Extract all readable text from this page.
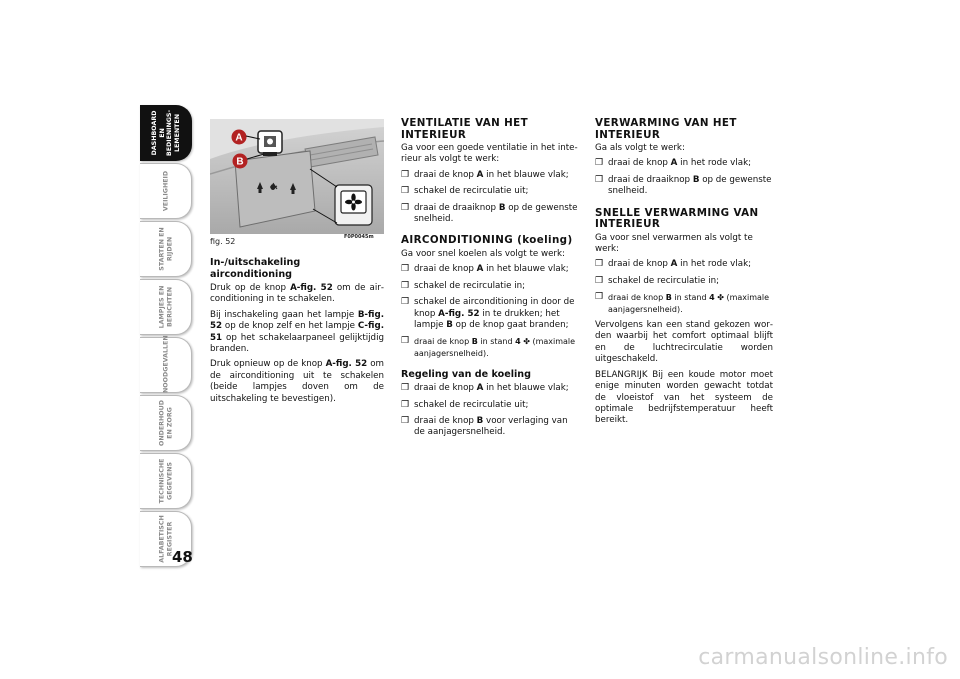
DASHBOARD EN
BEDIENINGS-
LEMENTEN
VEILIGHEID
STARTEN EN
RIJDEN
LAMPJES EN
BERICHTEN
NOODGEVALLEN
ONDERHOUD
EN ZORG
TECHNISCHE
GEGEVENS
ALFABETISCH
REGISTER
48
A
B
fig. 52	F0P0045m
In-/uitschakeling airconditioning

Druk op de knop A-fig. 52 om de airconditioning in te schakelen.

Bij inschakeling gaan het lampje B-fig. 52 op de knop zelf en het lampje C-fig. 51 op het schakelaarpaneel gelijktijdig branden.

Druk opnieuw op de knop A-fig. 52 om de airconditioning uit te schakelen (beide lampjes doven om de uitschakeling te bevestigen).

VENTILATIE VAN HET INTERIEUR

Ga voor een goede ventilatie in het interieur als volgt te werk:

❒ draai de knop A in het blauwe vlak;
❒ schakel de recirculatie uit;
❒ draai de draaiknop B op de gewenste snelheid.
AIRCONDITIONING (koeling)

Ga voor snel koelen als volgt te werk:

❒ draai de knop A in het blauwe vlak;
❒ schakel de recirculatie in;
❒ schakel de airconditioning in door de knop A-fig. 52 in te drukken; het lampje B op de knop gaat branden;
❒ draai de knop B in stand 4 ✤ (maximale aanjagersnelheid).
Regeling van de koeling
❒ draai de knop A in het blauwe vlak;
❒ schakel de recirculatie uit;
❒ draai de knop B voor verlaging van de aanjagersnelheid.
VERWARMING VAN HET INTERIEUR

Ga als volgt te werk:

❒ draai de knop A in het rode vlak;
❒ draai de draaiknop B op de gewenste snelheid.
SNELLE VERWARMING VAN INTERIEUR

Ga voor snel verwarmen als volgt te werk:

❒ draai de knop A in het rode vlak;
❒ schakel de recirculatie in;
❒ draai de knop B in stand 4 ✤ (maximale aanjagersnelheid).

Vervolgens kan een stand gekozen worden waarbij het comfort optimaal blijft en de luchtrecirculatie worden uitgeschakeld.

BELANGRIJK Bij een koude motor moet enige minuten worden gewacht totdat de vloeistof van het systeem de optimale bedrijfstemperatuur heeft bereikt.

carmanualsonline.info
